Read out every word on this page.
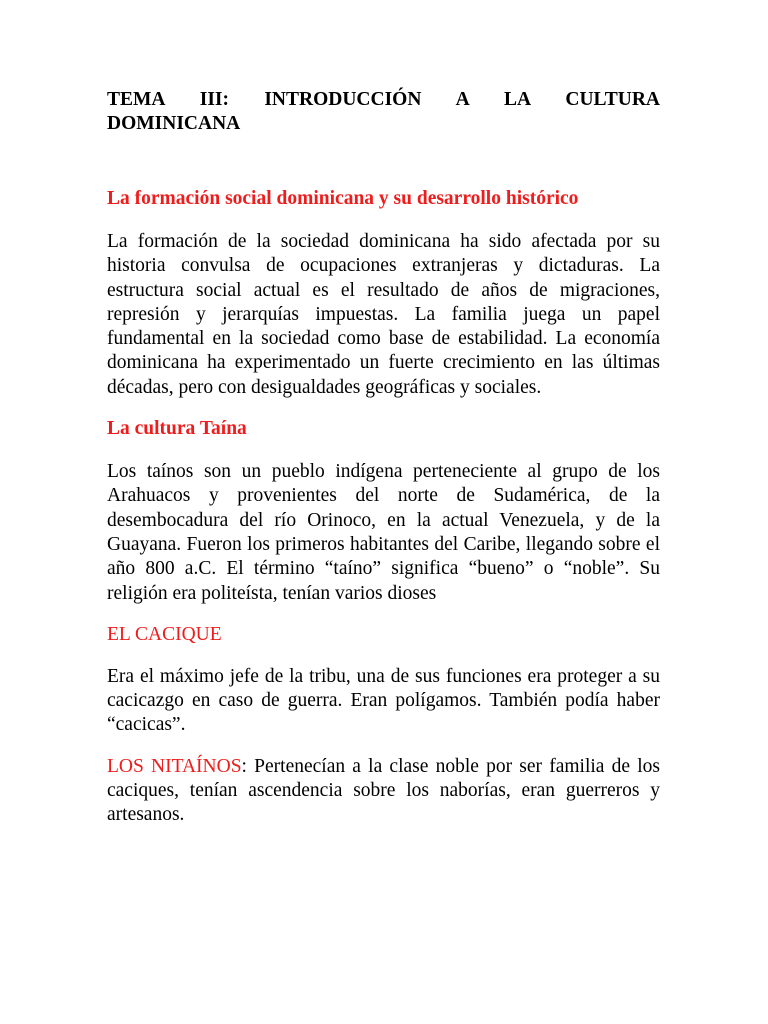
TEMA III: INTRODUCCIÓN A LA CULTURA
DOMINICANA
La formación social dominicana y su desarrollo histórico

La formación de la sociedad dominicana ha sido afectada por su historia convulsa de ocupaciones extranjeras y dictaduras. La estructura social actual es el resultado de años de migraciones, represión y jerarquías impuestas. La familia juega un papel fundamental en la sociedad como base de estabilidad. La economía dominicana ha experimentado un fuerte crecimiento en las últimas décadas, pero con desigualdades geográficas y sociales.

La cultura Taína

Los taínos son un pueblo indígena perteneciente al grupo de los Arahuacos y provenientes del norte de Sudamérica, de la desembocadura del río Orinoco, en la actual Venezuela, y de la Guayana. Fueron los primeros habitantes del Caribe, llegando sobre el año 800 a.C. El término “taíno” significa “bueno” o “noble”. Su religión era politeísta, tenían varios dioses

EL CACIQUE

Era el máximo jefe de la tribu, una de sus funciones era proteger a su cacicazgo en caso de guerra. Eran polígamos. También podía haber “cacicas”.

LOS NITAÍNOS: Pertenecían a la clase noble por ser familia de los caciques, tenían ascendencia sobre los naborías, eran guerreros y artesanos.
